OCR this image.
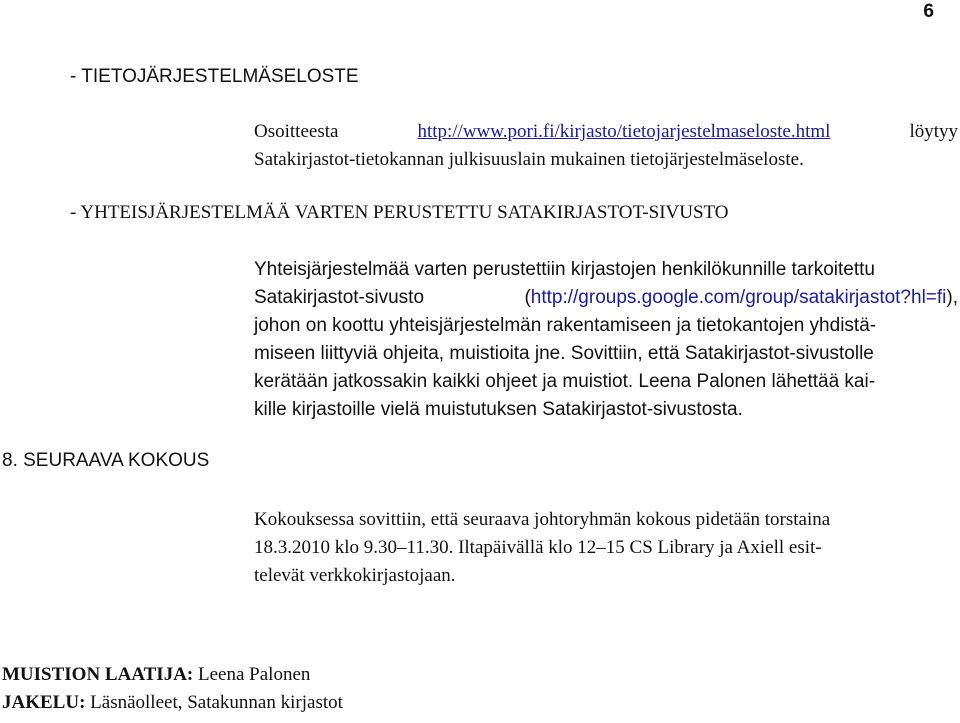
6
- TIETOJÄRJESTELMÄSELOSTE
Osoitteesta	http://www.pori.fi/kirjasto/tietojarjestelmaseloste.html	löytyy
Satakirjastot-tietokannan julkisuuslain mukainen tietojärjestelmäseloste.
- YHTEISJÄRJESTELMÄÄ VARTEN PERUSTETTU SATAKIRJASTOT-SIVUSTO
Yhteisjärjestelmää varten perustettiin kirjastojen henkilökunnille tarkoitettu
Satakirjastot-sivusto	(http://groups.google.com/group/satakirjastot?hl=fi),
johon on koottu yhteisjärjestelmän rakentamiseen ja tietokantojen yhdistä-
miseen liittyviä ohjeita, muistioita jne. Sovittiin, että Satakirjastot-sivustolle
kerätään jatkossakin kaikki ohjeet ja muistiot. Leena Palonen lähettää kai-
kille kirjastoille vielä muistutuksen Satakirjastot-sivustosta.
8. SEURAAVA KOKOUS
Kokouksessa sovittiin, että seuraava johtoryhmän kokous pidetään torstaina
18.3.2010 klo 9.30–11.30. Iltapäivällä klo 12–15 CS Library ja Axiell esit-
televät verkkokirjastojaan.
MUISTION LAATIJA: Leena Palonen
JAKELU: Läsnäolleet, Satakunnan kirjastot
